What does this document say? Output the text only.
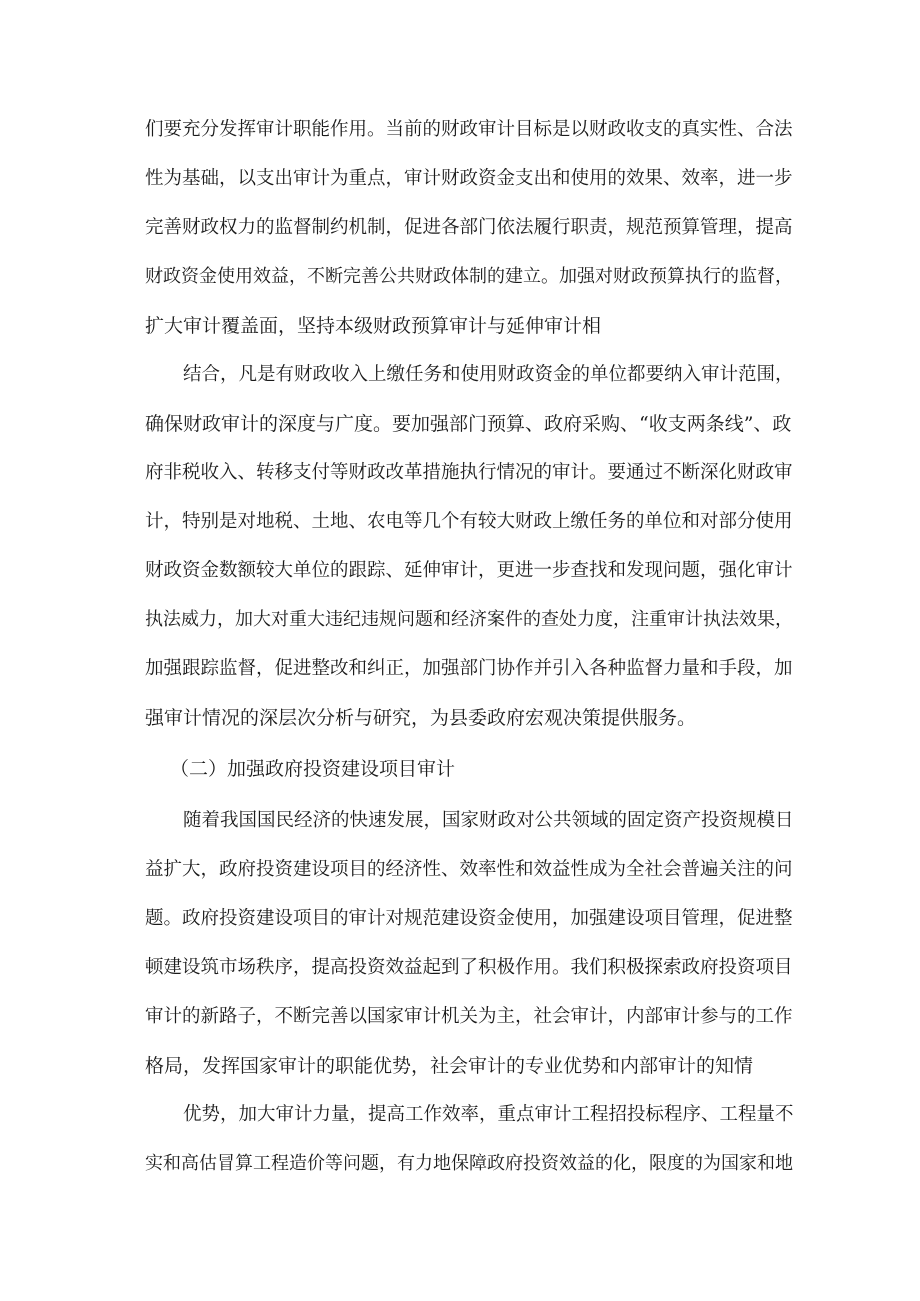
们要充分发挥审计职能作用。当前的财政审计目标是以财政收支的真实性、合法
性为基础，以支出审计为重点，审计财政资金支出和使用的效果、效率，进一步
完善财政权力的监督制约机制，促进各部门依法履行职责，规范预算管理，提高
财政资金使用效益，不断完善公共财政体制的建立。加强对财政预算执行的监督，
扩大审计覆盖面，坚持本级财政预算审计与延伸审计相
结合，凡是有财政收入上缴任务和使用财政资金的单位都要纳入审计范围，
确保财政审计的深度与广度。要加强部门预算、政府采购、“收支两条线”、政
府非税收入、转移支付等财政改革措施执行情况的审计。要通过不断深化财政审
计，特别是对地税、土地、农电等几个有较大财政上缴任务的单位和对部分使用
财政资金数额较大单位的跟踪、延伸审计，更进一步查找和发现问题，强化审计
执法威力，加大对重大违纪违规问题和经济案件的查处力度，注重审计执法效果，
加强跟踪监督，促进整改和纠正，加强部门协作并引入各种监督力量和手段，加
强审计情况的深层次分析与研究，为县委政府宏观决策提供服务。
（二）加强政府投资建设项目审计
随着我国国民经济的快速发展，国家财政对公共领域的固定资产投资规模日
益扩大，政府投资建设项目的经济性、效率性和效益性成为全社会普遍关注的问
题。政府投资建设项目的审计对规范建设资金使用，加强建设项目管理，促进整
顿建设筑市场秩序，提高投资效益起到了积极作用。我们积极探索政府投资项目
审计的新路子，不断完善以国家审计机关为主，社会审计，内部审计参与的工作
格局，发挥国家审计的职能优势，社会审计的专业优势和内部审计的知情
优势，加大审计力量，提高工作效率，重点审计工程招投标程序、工程量不
实和高估冒算工程造价等问题，有力地保障政府投资效益的化，限度的为国家和地
